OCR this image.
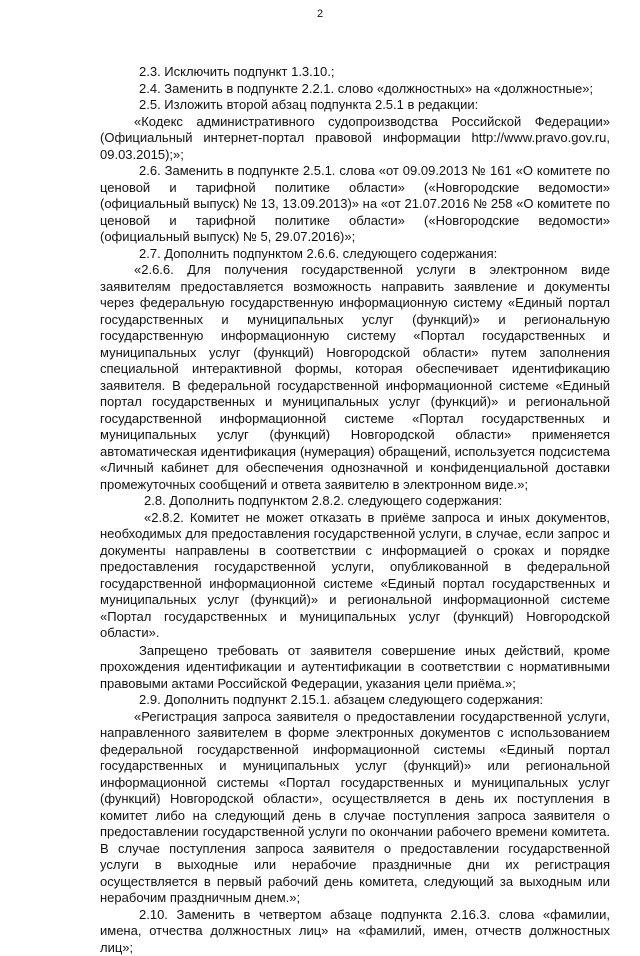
2

2.3. Исключить подпункт 1.3.10.;

2.4. Заменить в подпункте 2.2.1. слово «должностных» на «должностные»;

2.5. Изложить второй абзац подпункта 2.5.1 в редакции:

«Кодекс административного судопроизводства Российской Федерации» (Официальный интернет-портал правовой информации http://www.pravo.gov.ru, 09.03.2015);»;

2.6. Заменить в подпункте 2.5.1. слова «от 09.09.2013 № 161 «О комитете по ценовой и тарифной политике области» («Новгородские ведомости» (официальный выпуск) № 13, 13.09.2013)» на «от 21.07.2016 № 258 «О комитете по ценовой и тарифной политике области» («Новгородские ведомости» (официальный выпуск) № 5, 29.07.2016)»;

2.7. Дополнить подпунктом 2.6.6. следующего содержания:

«2.6.6. Для получения государственной услуги в электронном виде заявителям предоставляется возможность направить заявление и документы через федеральную государственную информационную систему «Единый портал государственных и муниципальных услуг (функций)» и региональную государственную информационную систему «Портал государственных и муниципальных услуг (функций) Новгородской области» путем заполнения специальной интерактивной формы, которая обеспечивает идентификацию заявителя. В федеральной государственной информационной системе «Единый портал государственных и муниципальных услуг (функций)» и региональной государственной информационной системе «Портал государственных и муниципальных услуг (функций) Новгородской области» применяется автоматическая идентификация (нумерация) обращений, используется подсистема «Личный кабинет для обеспечения однозначной и конфиденциальной доставки промежуточных сообщений и ответа заявителю в электронном виде.»;

2.8. Дополнить подпунктом 2.8.2. следующего содержания:

«2.8.2. Комитет не может отказать в приёме запроса и иных документов, необходимых для предоставления государственной услуги, в случае, если запрос и документы направлены в соответствии с информацией о сроках и порядке предоставления государственной услуги, опубликованной в федеральной государственной информационной системе «Единый портал государственных и муниципальных услуг (функций)» и региональной информационной системе «Портал государственных и муниципальных услуг (функций) Новгородской области».

Запрещено требовать от заявителя совершение иных действий, кроме прохождения идентификации и аутентификации в соответствии с нормативными правовыми актами Российской Федерации, указания цели приёма.»;

2.9. Дополнить подпункт 2.15.1. абзацем следующего содержания:

«Регистрация запроса заявителя о предоставлении государственной услуги, направленного заявителем в форме электронных документов с использованием федеральной государственной информационной системы «Единый портал государственных и муниципальных услуг (функций)» или региональной информационной системы «Портал государственных и муниципальных услуг (функций) Новгородской области», осуществляется в день их поступления в комитет либо на следующий день в случае поступления запроса заявителя о предоставлении государственной услуги по окончании рабочего времени комитета. В случае поступления запроса заявителя о предоставлении государственной услуги в выходные или нерабочие праздничные дни их регистрация осуществляется в первый рабочий день комитета, следующий за выходным или нерабочим праздничным днем.»;

2.10. Заменить в четвертом абзаце подпункта 2.16.3. слова «фамилии, имена, отчества должностных лиц» на «фамилий, имен, отчеств должностных лиц»;
